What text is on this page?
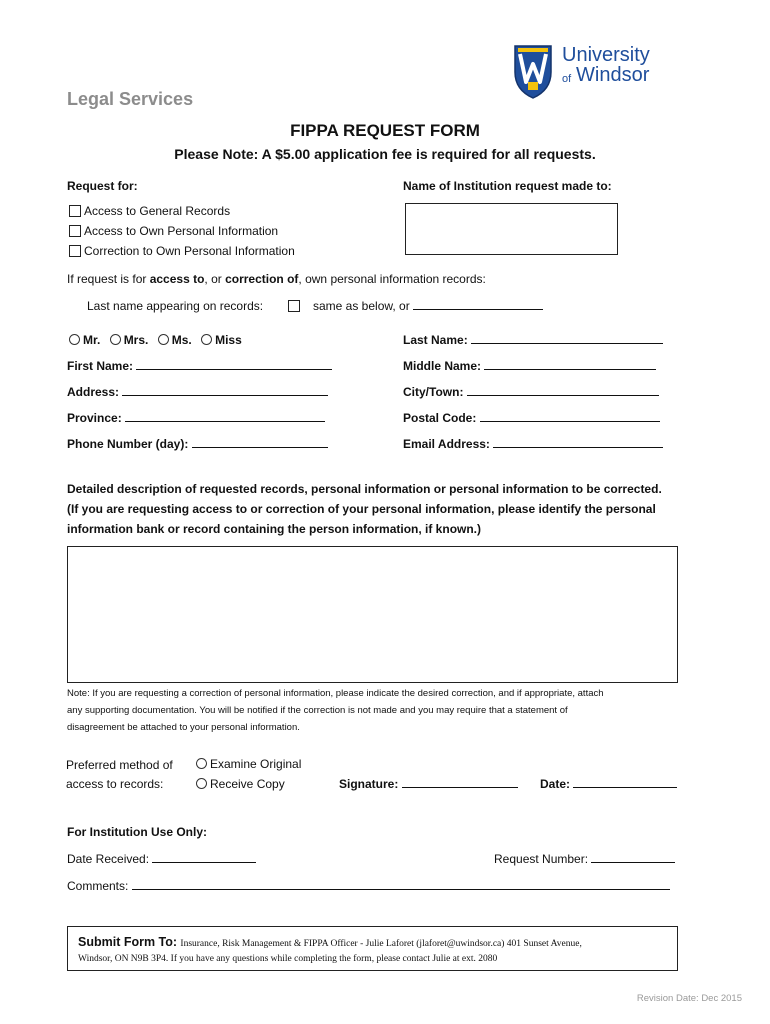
University
of Windsor
Legal Services
FIPPA REQUEST FORM
Please Note: A $5.00 application fee is required for all requests.
Request for:
Access to General Records
Access to Own Personal Information
Correction to Own Personal Information
Name of Institution request made to:
If request is for access to, or correction of, own personal information records:
Last name appearing on records:	same as below, or
Mr. Mrs. Ms. Miss	Last Name:
First Name:	Middle Name:
Address:	City/Town:
Province:	Postal Code:
Phone Number (day):	Email Address:
Detailed description of requested records, personal information or personal information to be corrected.
(If you are requesting access to or correction of your personal information, please identify the personal
information bank or record containing the person information, if known.)
Note: If you are requesting a correction of personal information, please indicate the desired correction, and if appropriate, attach
any supporting documentation. You will be notified if the correction is not made and you may require that a statement of
disagreement be attached to your personal information.
Preferred method of
access to records:
Examine Original
Receive Copy	Signature:	Date:
For Institution Use Only:
Date Received:	Request Number:
Comments:
Submit Form To: Insurance, Risk Management & FIPPA Officer - Julie Laforet (jlaforet@uwindsor.ca) 401 Sunset Avenue,
Windsor, ON N9B 3P4. If you have any questions while completing the form, please contact Julie at ext. 2080
Revision Date: Dec 2015
